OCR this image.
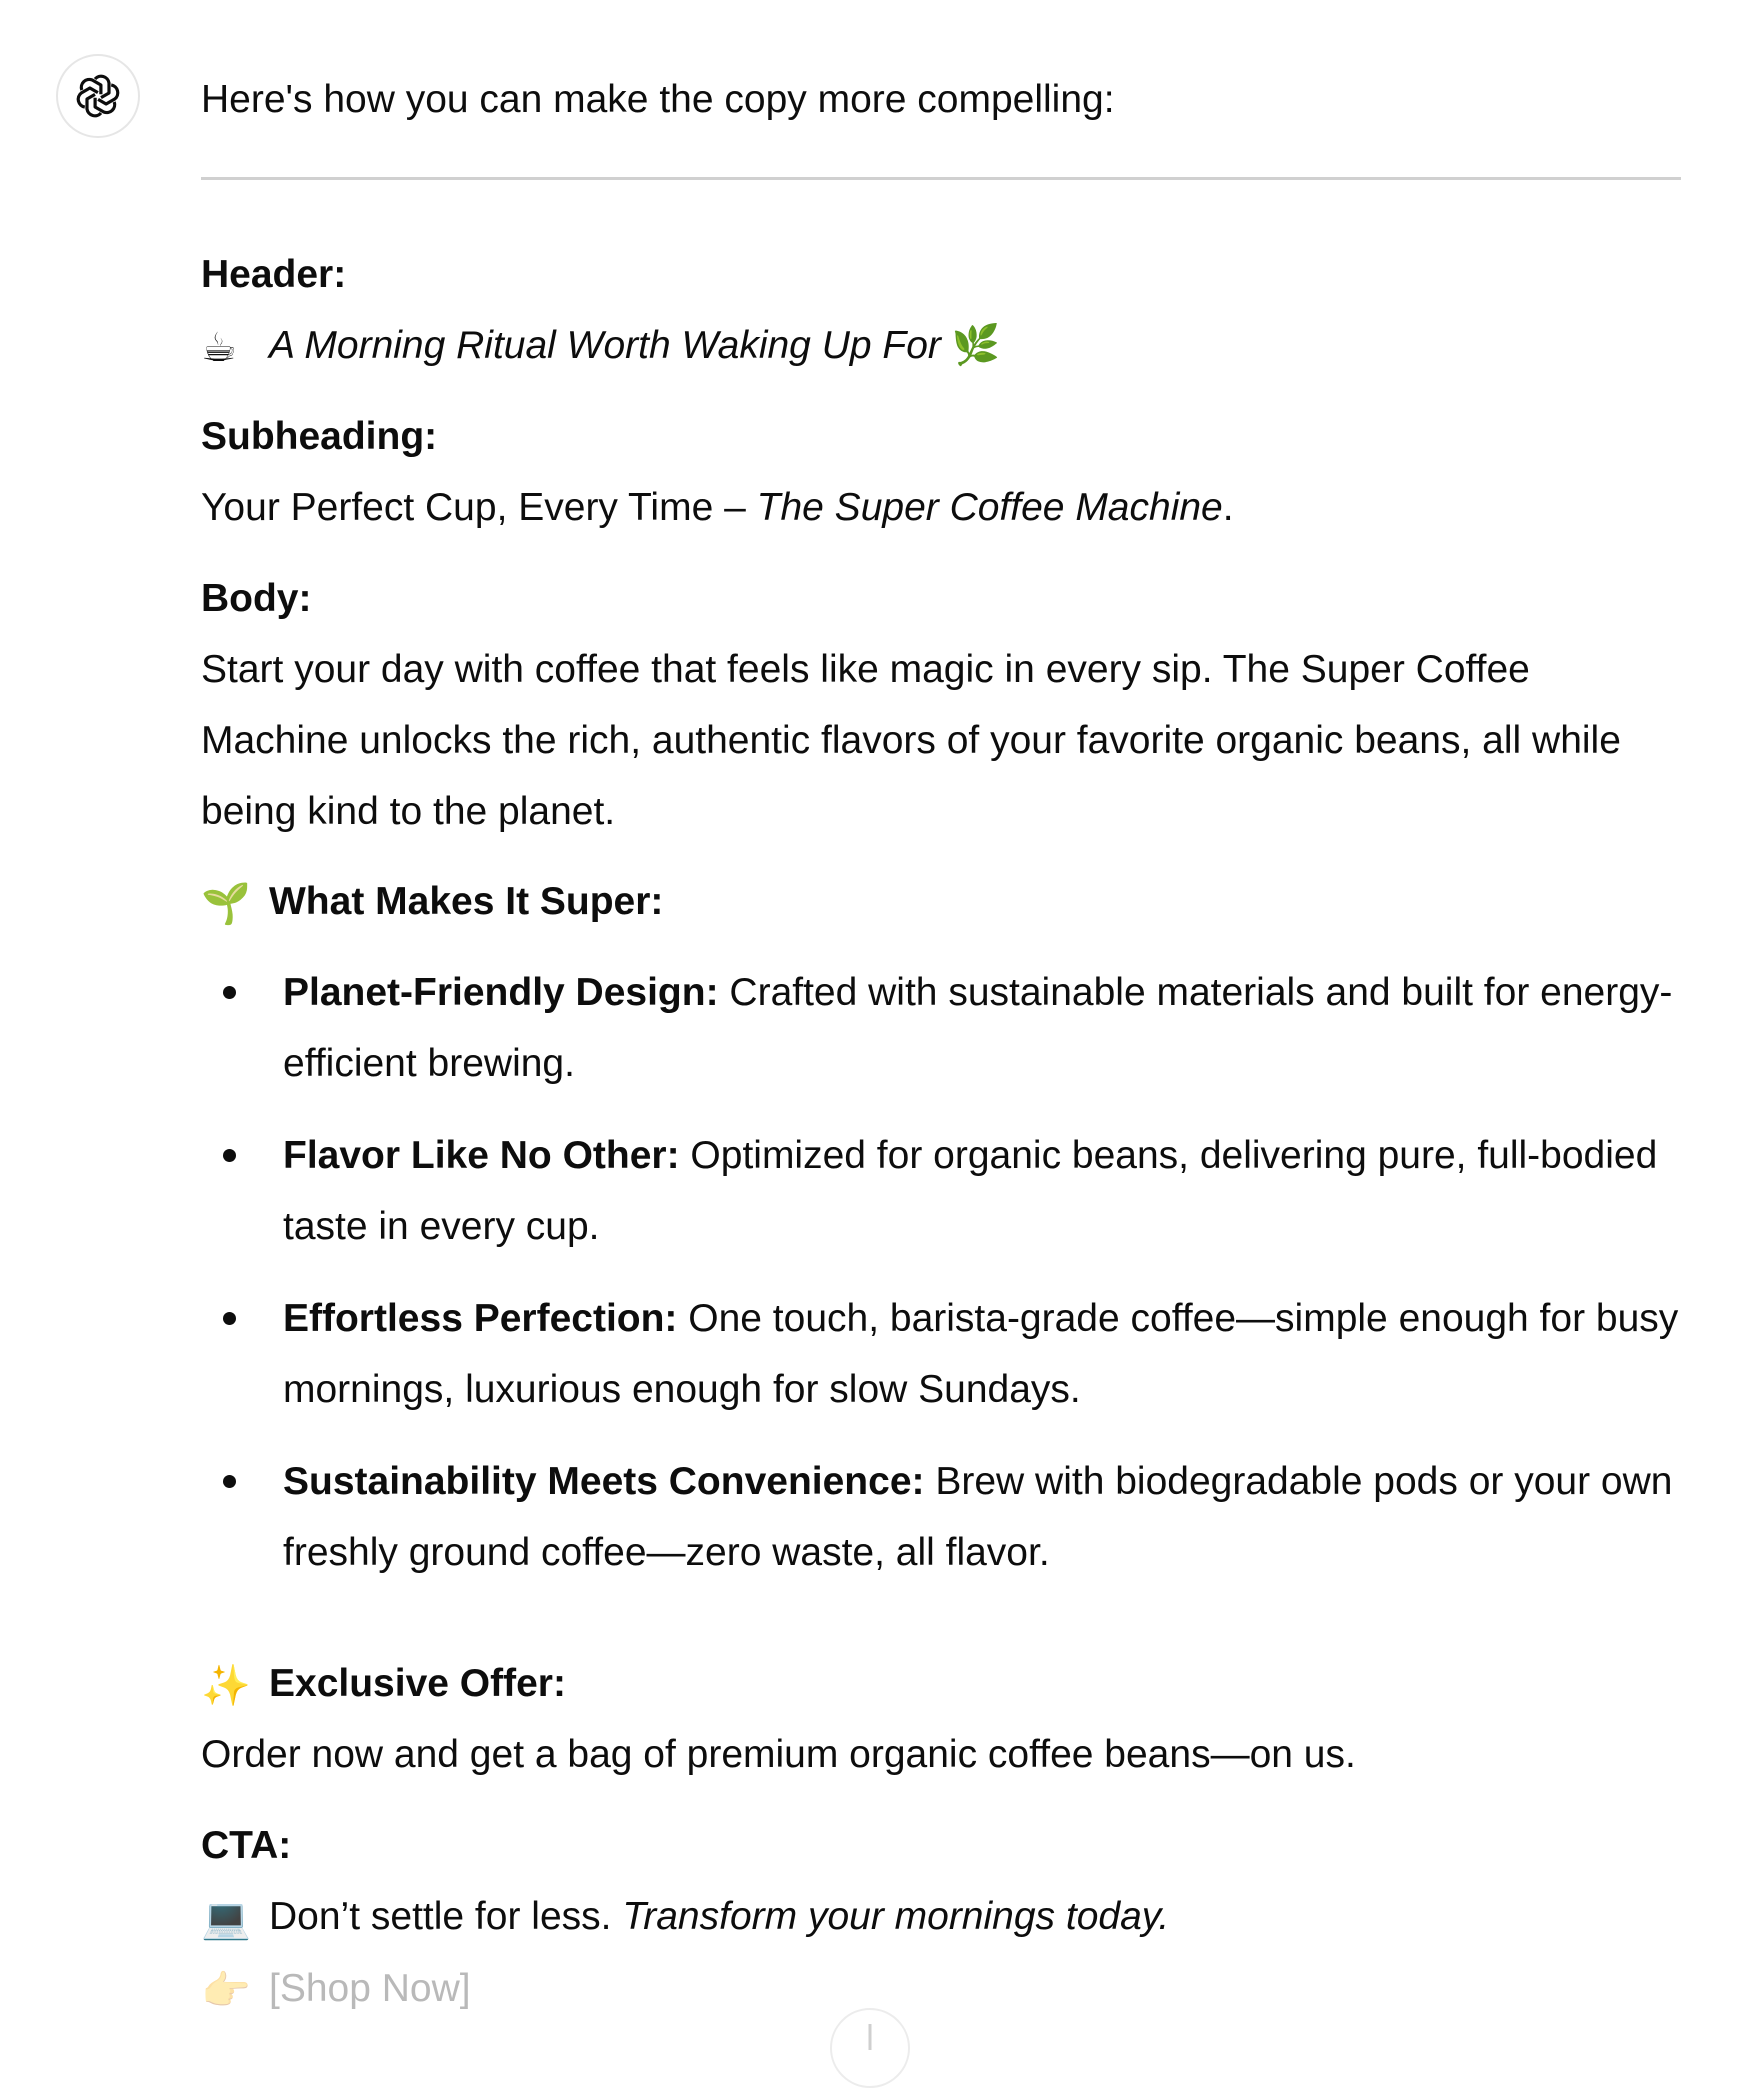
Here's how you can make the copy more compelling:

Header:

☕ A Morning Ritual Worth Waking Up For 🌿

Subheading:

Your Perfect Cup, Every Time – The Super Coffee Machine.

Body:

Start your day with coffee that feels like magic in every sip. The Super Coffee Machine unlocks the rich, authentic flavors of your favorite organic beans, all while being kind to the planet.

🌱 What Makes It Super:

Planet-Friendly Design: Crafted with sustainable materials and built for energy-efficient brewing.
Flavor Like No Other: Optimized for organic beans, delivering pure, full-bodied taste in every cup.
Effortless Perfection: One touch, barista-grade coffee—simple enough for busy mornings, luxurious enough for slow Sundays.
Sustainability Meets Convenience: Brew with biodegradable pods or your own freshly ground coffee—zero waste, all flavor.

✨ Exclusive Offer:

Order now and get a bag of premium organic coffee beans—on us.

CTA:

💻 Don’t settle for less. Transform your mornings today.

👉 [Shop Now]
